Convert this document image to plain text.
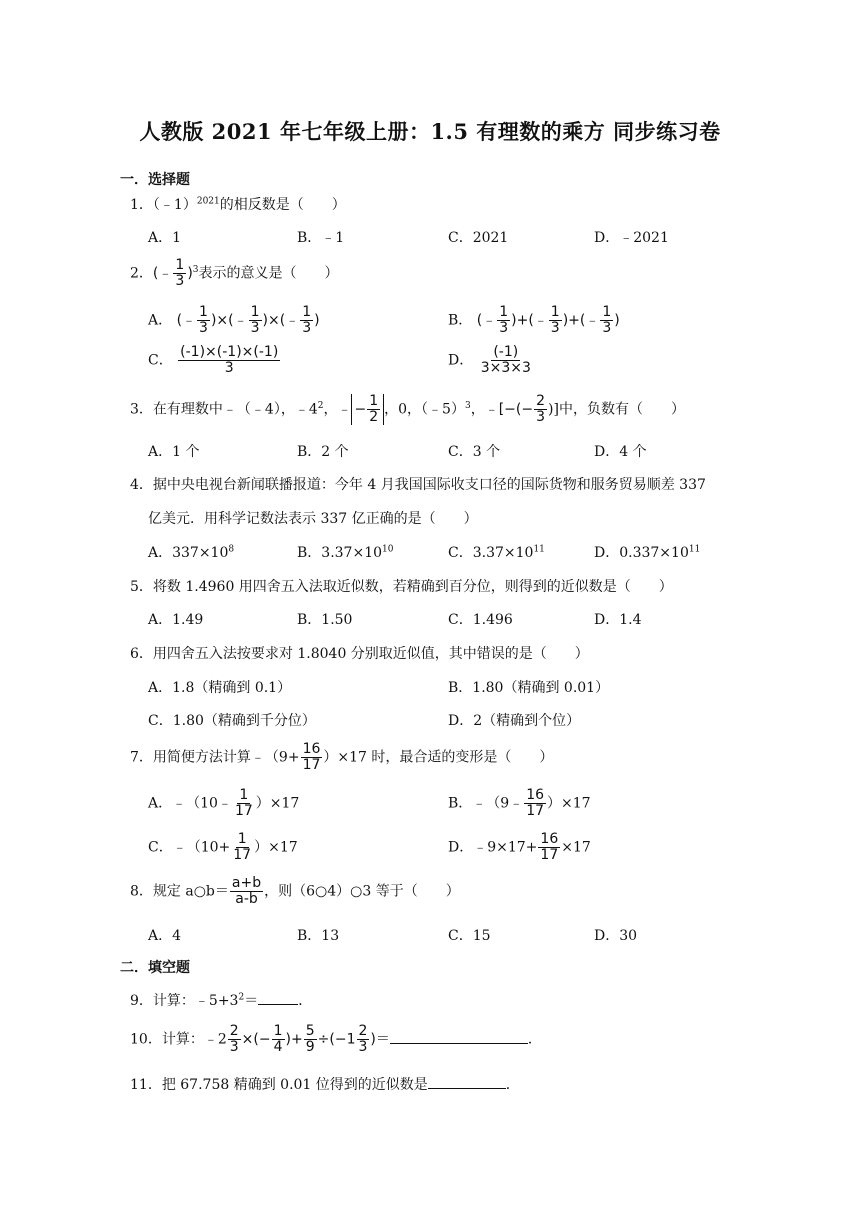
人教版 2021 年七年级上册：1.5 有理数的乘方 同步练习卷
一．选择题
1．（﹣1）$^{2021}$的相反数是（　　）
A．1	B．﹣1	C．2021	D．﹣2021
2．(﹣ $\frac{1}{3} )^3$表示的意义是（　　）
A． (﹣ $\frac{1}{3}$ )×(﹣ $\frac{1}{3}$ )×(﹣ $\frac{1}{3}$ )	B． (﹣ $\frac{1}{3}$ )+(﹣ $\frac{1}{3}$ )+(﹣ $\frac{1}{3}$ )
C． $\frac{(-1)\times(-1)\times(-1)}{3}$	D． $\frac{(-1)}{3\times 3\times 3}$
3．在有理数中﹣（﹣4），$﹣4^2$，﹣ − $\frac{1}{2}$ ，0，（﹣5）$^3$，﹣[−(− $\frac{2}{3}$ )]中，负数有（　　）
A．1 个	B．2 个	C．3 个	D．4 个
4．据中央电视台新闻联播报道：今年 4 月我国国际收支口径的国际货物和服务贸易顺差 337
亿美元．用科学记数法表示 337 亿正确的是（　　）
A．$337\times 10^8$	B．$3.37\times 10^{10}$	C．$3.37\times 10^{11}$	D．$0.337\times 10^{11}$
5．将数 1.4960 用四舍五入法取近似数，若精确到百分位，则得到的近似数是（　　）
A．1.49	B．1.50	C．1.496	D．1.4
6．用四舍五入法按要求对 1.8040 分别取近似值，其中错误的是（　　）
A．1.8（精确到 0.1）	B．1.80（精确到 0.01）
C．1.80（精确到千分位）	D．2（精确到个位）
7．用简便方法计算﹣（9+ $\frac{16}{17} )\times 17$ 时，最合适的变形是（　　）
A．﹣（10﹣ $\frac{1}{17} )\times 17$	B．﹣（9﹣ $\frac{16}{17} )\times 17$
C．﹣（10+ $\frac{1}{17} )\times 17$	D．﹣9×17+ $\frac{16}{17} \times 17$
8．规定 a○b＝ $\frac{a+b}{a-b}$ ，则（6○4）○3 等于（　　）
A．4	B．13	C．15	D．30
二．填空题
9．计算：$﹣5+3^2=$	．
10．计算：﹣2 $\frac{2}{3}$ ×(− $\frac{1}{4}$ )+ $\frac{5}{9} \div(-1 \frac{2}{3}$ )＝	．
11．把 67.758 精确到 0.01 位得到的近似数是	．
